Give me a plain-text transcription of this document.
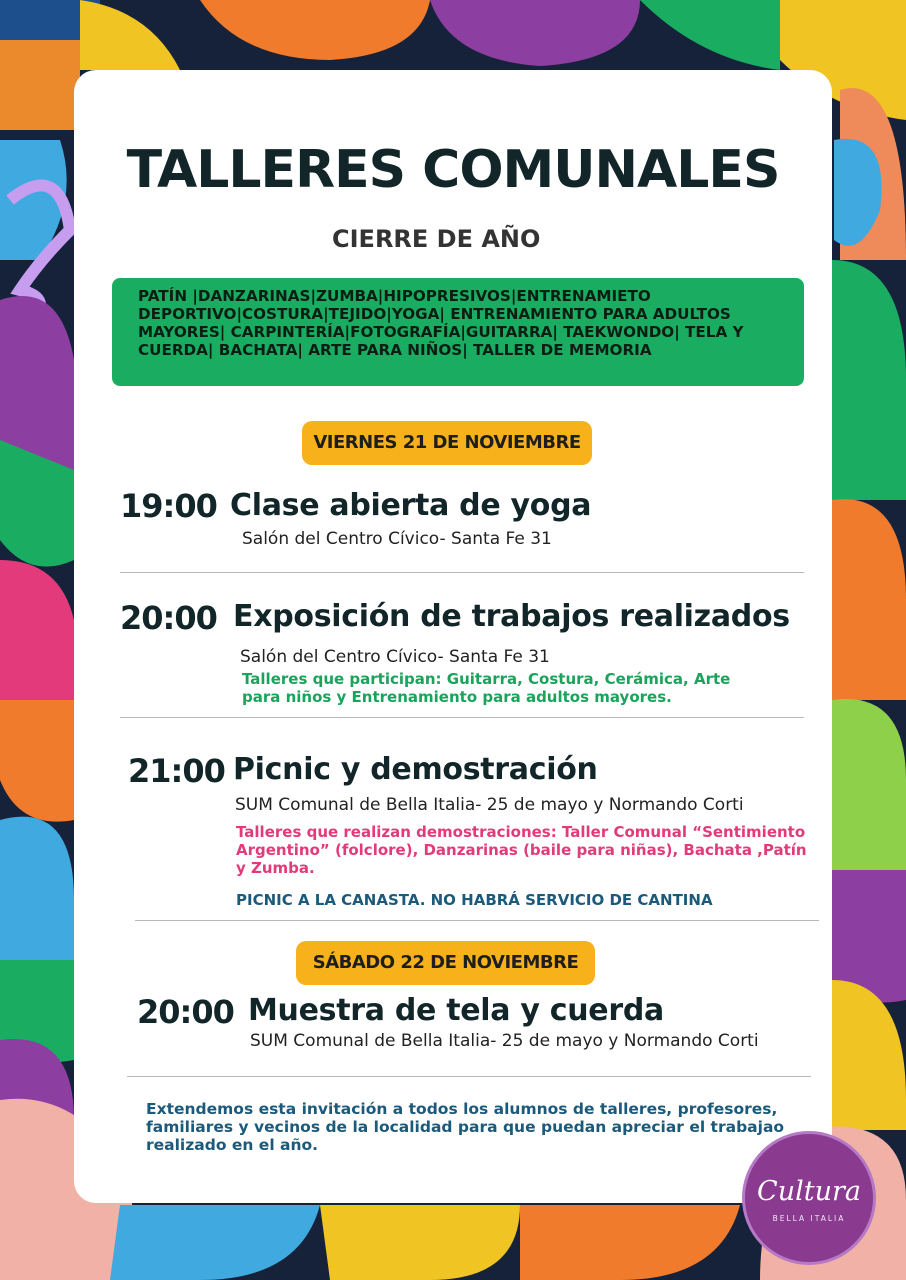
TALLERES COMUNALES
CIERRE DE AÑO

PATÍN |DANZARINAS|ZUMBA|HIPOPRESIVOS|ENTRENAMIETO DEPORTIVO|COSTURA|TEJIDO|YOGA| ENTRENAMIENTO PARA ADULTOS MAYORES| CARPINTERÍA|FOTOGRAFÍA|GUITARRA| TAEKWONDO| TELA Y CUERDA| BACHATA| ARTE PARA NIÑOS| TALLER DE MEMORIA

VIERNES 21 DE NOVIEMBRE
19:00 Clase abierta de yoga
Salón del Centro Cívico- Santa Fe 31
20:00 Exposición de trabajos realizados
Salón del Centro Cívico- Santa Fe 31

Talleres que participan: Guitarra, Costura, Cerámica, Arte para niños y Entrenamiento para adultos mayores.

21:00 Picnic y demostración
SUM Comunal de Bella Italia- 25 de mayo y Normando Corti

Talleres que realizan demostraciones: Taller Comunal “Sentimiento Argentino” (folclore), Danzarinas (baile para niñas), Bachata ,Patín y Zumba.

PICNIC A LA CANASTA. NO HABRÁ SERVICIO DE CANTINA

SÁBADO 22 DE NOVIEMBRE
20:00 Muestra de tela y cuerda
SUM Comunal de Bella Italia- 25 de mayo y Normando Corti

Extendemos esta invitación a todos los alumnos de talleres, profesores, familiares y vecinos de la localidad para que puedan apreciar el trabajao realizado en el año.

Cultura
BELLA ITALIA
